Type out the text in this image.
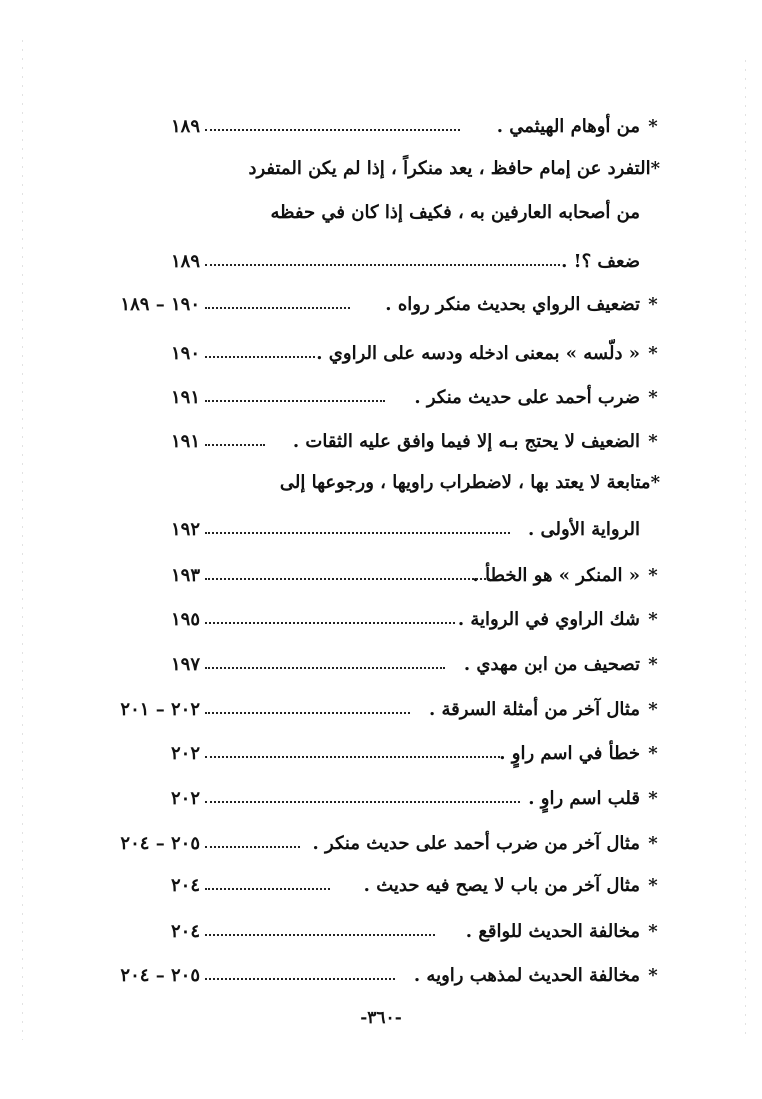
*من أوهام الهيثمي .
١٨٩
*التفرد عن إمام حافظ ، يعد منكراً ، إذا لم يكن المتفرد
من أصحابه العارفين به ، فكيف إذا كان في حفظه
ضعف ؟! .
١٨٩
*تضعيف الرواي بحديث منكر رواه .
١٩٠ – ١٨٩
*« دلّسه » بمعنى ادخله ودسه على الراوي .
١٩٠
*ضرب أحمد على حديث منكر .
١٩١
*الضعيف لا يحتج بـه إلا فيما وافق عليه الثقات .
١٩١
*متابعة لا يعتد بها ، لاضطراب راويها ، ورجوعها إلى
الرواية الأولى .
١٩٢
*« المنكر » هو الخطأ .
١٩٣
*شك الراوي في الرواية .
١٩٥
*تصحيف من ابن مهدي .
١٩٧
*مثال آخر من أمثلة السرقة .
٢٠٢ – ٢٠١
*خطأ في اسم راوٍ .
٢٠٢
*قلب اسم راوٍ .
٢٠٢
*مثال آخر من ضرب أحمد على حديث منكر .
٢٠٥ – ٢٠٤
*مثال آخر من باب لا يصح فيه حديث .
٢٠٤
*مخالفة الحديث للواقع .
٢٠٤
*مخالفة الحديث لمذهب راويه .
٢٠٥ – ٢٠٤
-٣٦٠-
